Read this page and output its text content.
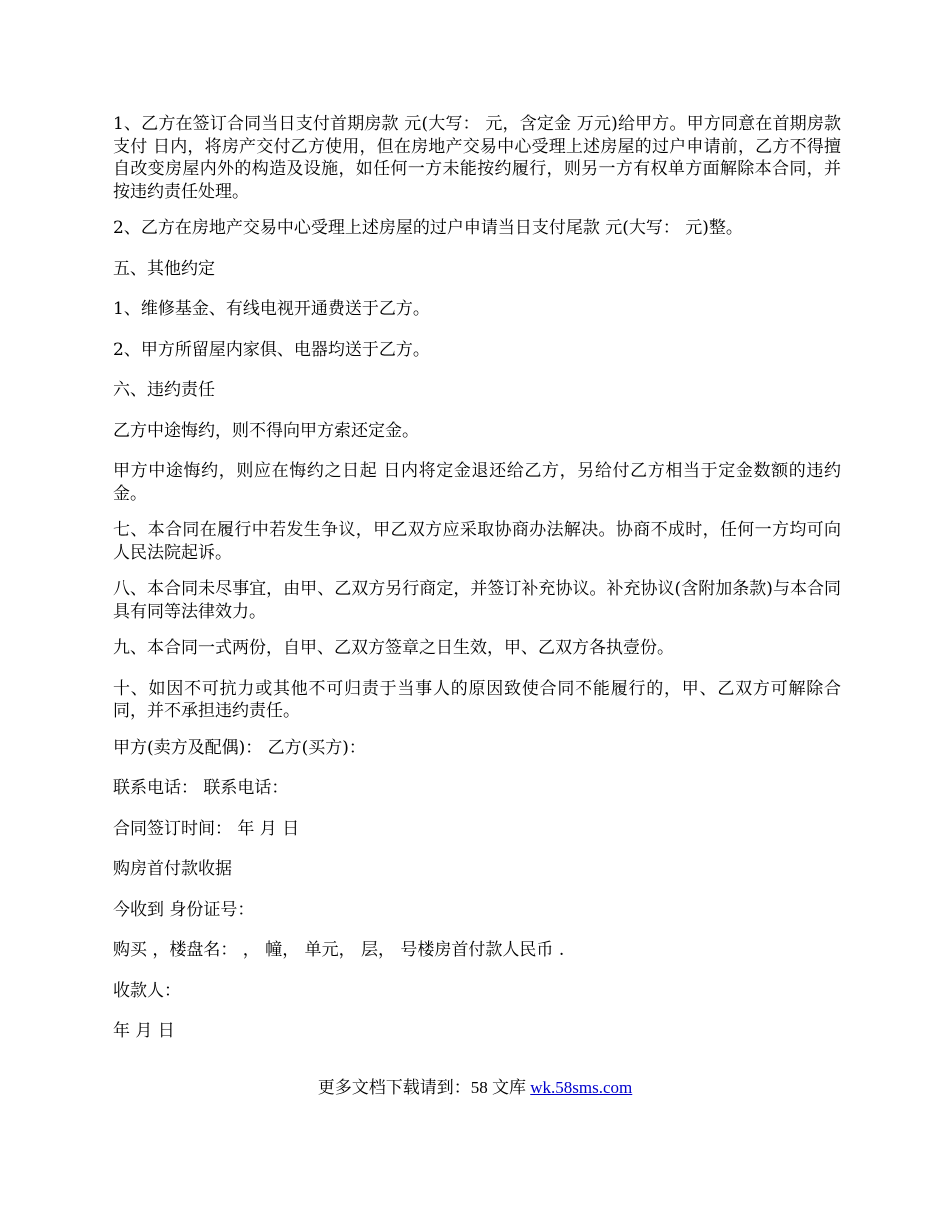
1、乙方在签订合同当日支付首期房款 元(大写： 元，含定金 万元)给甲方。甲方同意在首期房款支付 日内，将房产交付乙方使用，但在房地产交易中心受理上述房屋的过户申请前，乙方不得擅自改变房屋内外的构造及设施，如任何一方未能按约履行，则另一方有权单方面解除本合同，并按违约责任处理。

2、乙方在房地产交易中心受理上述房屋的过户申请当日支付尾款 元(大写： 元)整。

五、其他约定

1、维修基金、有线电视开通费送于乙方。

2、甲方所留屋内家俱、电器均送于乙方。

六、违约责任

乙方中途悔约，则不得向甲方索还定金。

甲方中途悔约，则应在悔约之日起 日内将定金退还给乙方，另给付乙方相当于定金数额的违约金。

七、本合同在履行中若发生争议，甲乙双方应采取协商办法解决。协商不成时，任何一方均可向 人民法院起诉。

八、本合同未尽事宜，由甲、乙双方另行商定，并签订补充协议。补充协议(含附加条款)与本合同具有同等法律效力。

九、本合同一式两份，自甲、乙双方签章之日生效，甲、乙双方各执壹份。

十、如因不可抗力或其他不可归责于当事人的原因致使合同不能履行的，甲、乙双方可解除合同，并不承担违约责任。

甲方(卖方及配偶)： 乙方(买方)：

联系电话： 联系电话：

合同签订时间： 年 月 日

购房首付款收据

今收到 身份证号：

购买 ，楼盘名： ， 幢， 单元， 层， 号楼房首付款人民币 .

收款人：

年 月 日

更多文档下载请到：58 文库 wk.58sms.com
